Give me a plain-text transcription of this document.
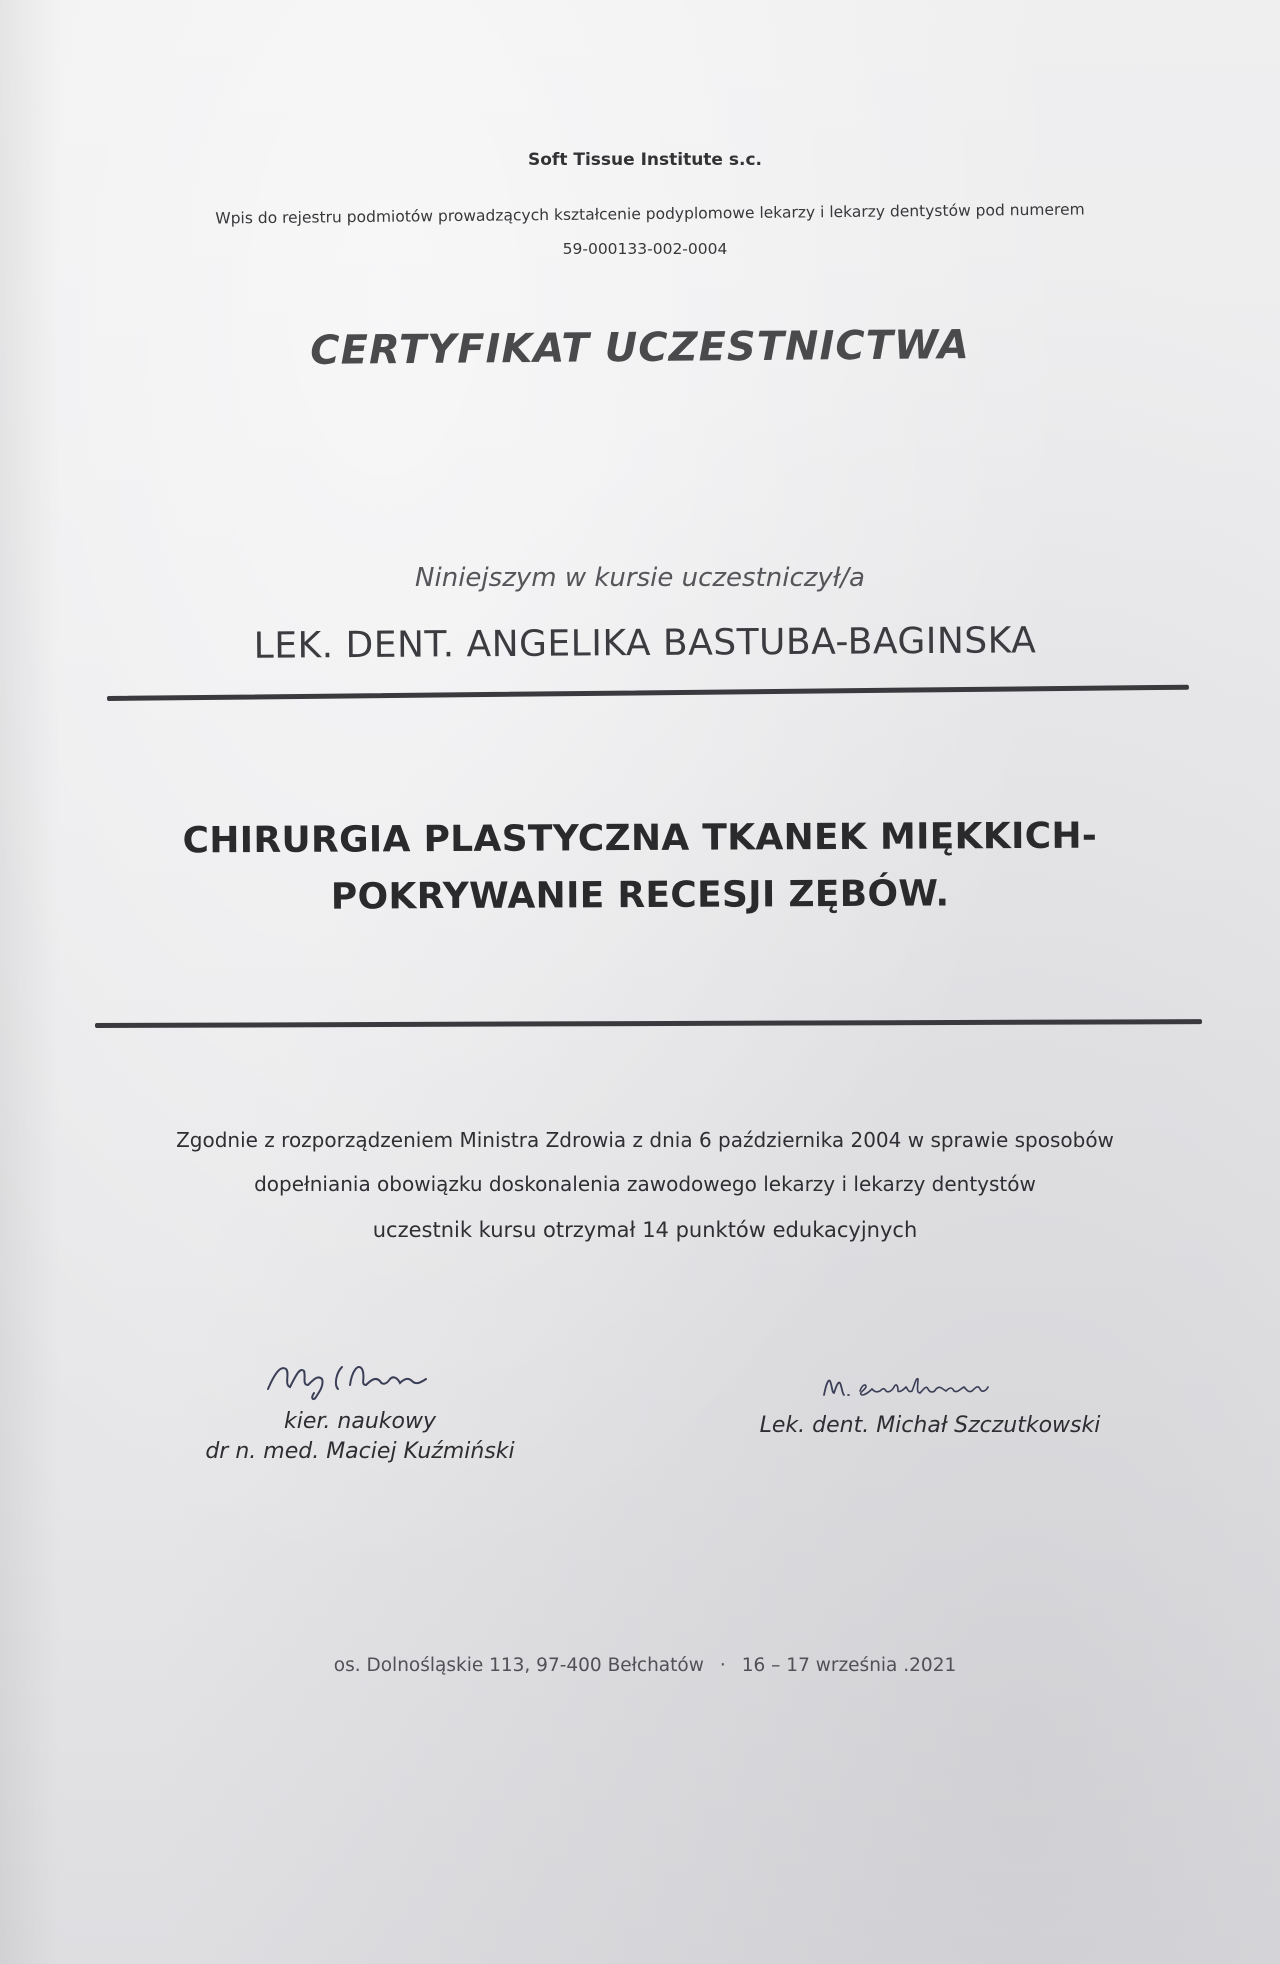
Soft Tissue Institute s.c.
Wpis do rejestru podmiotów prowadzących kształcenie podyplomowe lekarzy i lekarzy dentystów pod numerem
59-000133-002-0004
CERTYFIKAT UCZESTNICTWA
Niniejszym w kursie uczestniczył/a
LEK. DENT. ANGELIKA BASTUBA-BAGINSKA
CHIRURGIA PLASTYCZNA TKANEK MIĘKKICH-
POKRYWANIE RECESJI ZĘBÓW.
Zgodnie z rozporządzeniem Ministra Zdrowia z dnia 6 października 2004 w sprawie sposobów
dopełniania obowiązku doskonalenia zawodowego lekarzy i lekarzy dentystów
uczestnik kursu otrzymał 14 punktów edukacyjnych
kier. naukowy
dr n. med. Maciej Kuźmiński
Lek. dent. Michał Szczutkowski
os. Dolnośląskie 113, 97-400 Bełchatów · 16 – 17 września .2021
